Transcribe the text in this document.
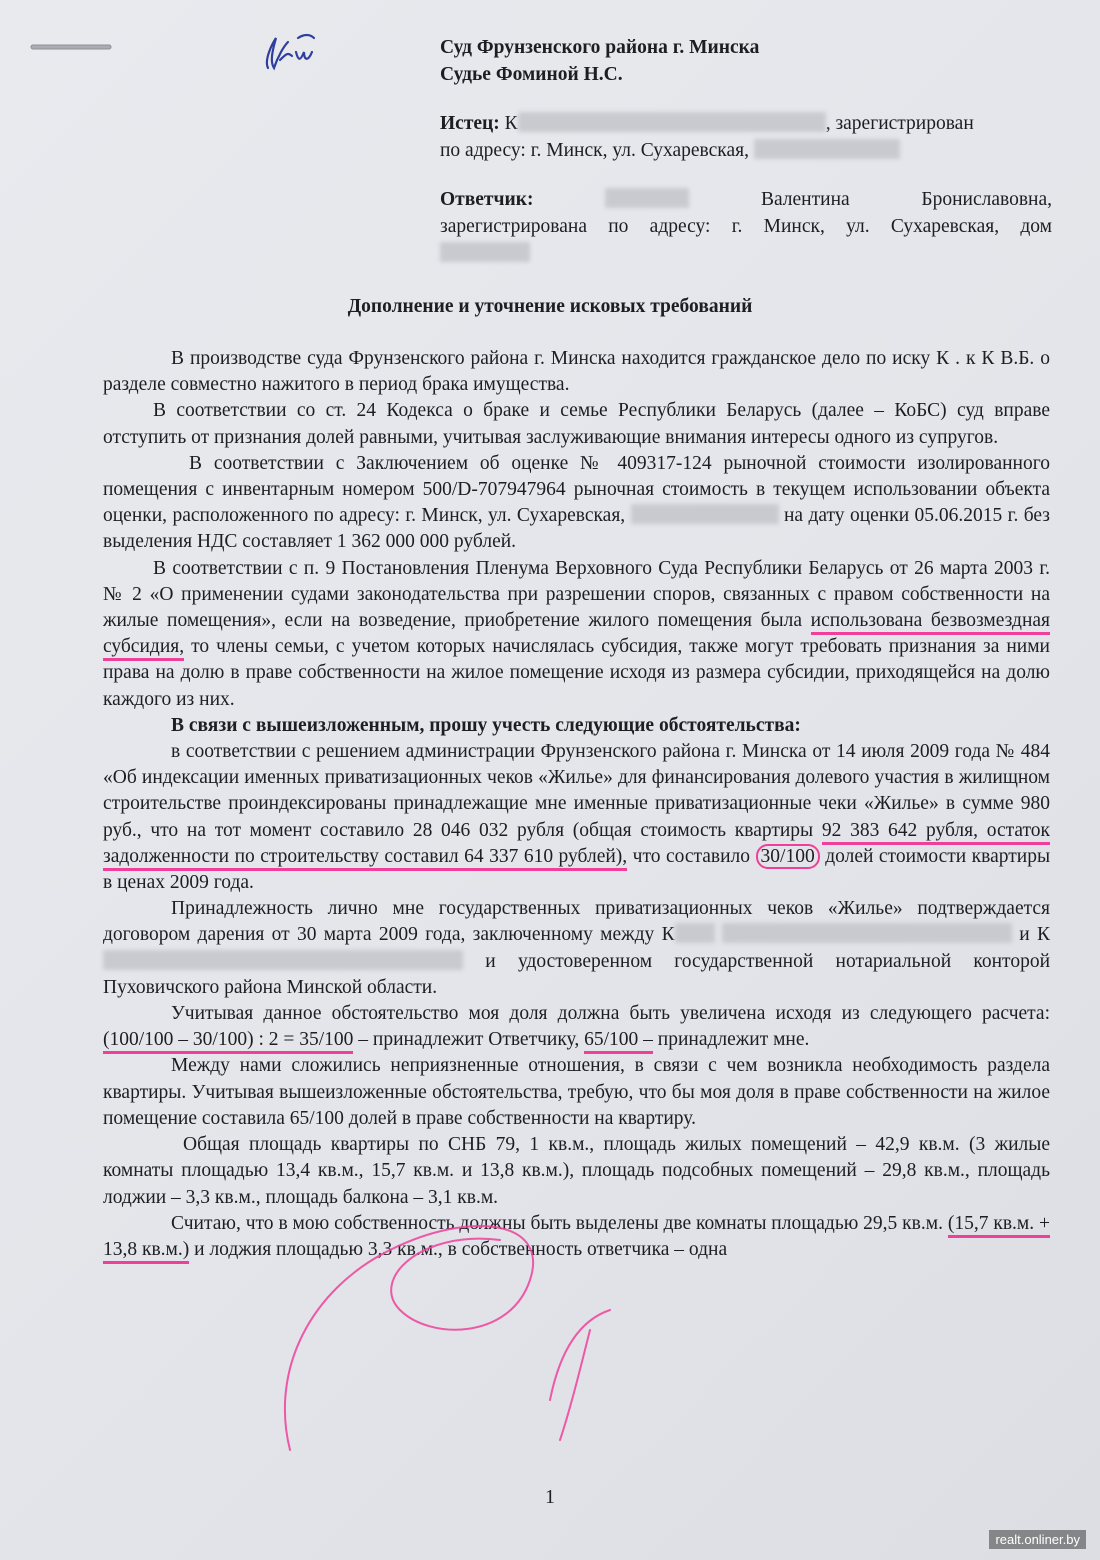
Суд Фрунзенского района г. Минска
Судье Фоминой Н.С.
Истец: К	, зарегистрирован
по адресу: г. Минск, ул. Сухаревская,
Ответчик:	Валентина Бронислaвовна,
зарегистрирована по адресу: г. Минск, ул. Сухаревская, дом
Дополнение и уточнение исковых требований

В производстве суда Фрунзенского района г. Минска находится гражданское дело по иску К . к К В.Б. о разделе совместно нажитого в период брака имущества.

В соответствии со ст. 24 Кодекса о браке и семье Республики Беларусь (далее – КоБС) суд вправе отступить от признания долей равными, учитывая заслуживающие внимания интересы одного из супругов.

В соответствии с Заключением об оценке № 409317-124 рыночной стоимости изолированного помещения с инвентарным номером 500/D-707947964 рыночная стоимость в текущем использовании объекта оценки, расположенного по адресу: г. Минск, ул. Сухаревская,	на дату оценки 05.06.2015 г. без выделения НДС составляет 1 362 000 000 рублей.

В соответствии с п. 9 Постановления Пленума Верховного Суда Республики Беларусь от 26 марта 2003 г. № 2 «О применении судами законодательства при разрешении споров, связанных с правом собственности на жилые помещения», если на возведение, приобретение жилого помещения была использована безвозмездная субсидия, то члены семьи, с учетом которых начислялась субсидия, также могут требовать признания за ними права на долю в праве собственности на жилое помещение исходя из размера субсидии, приходящейся на долю каждого из них.

В связи с вышеизложенным, прошу учесть следующие обстоятельства:

в соответствии с решением администрации Фрунзенского района г. Минска от 14 июля 2009 года № 484 «Об индексации именных приватизационных чеков «Жилье» для финансирования долевого участия в жилищном строительстве проиндексированы принадлежащие мне именные приватизационные чеки «Жилье» в сумме 980 руб., что на тот момент составило 28 046 032 рубля (общая стоимость квартиры 92 383 642 рубля, остаток задолженности по строительству составил 64 337 610 рублей), что составило 30/100 долей стоимости квартиры в ценах 2009 года.

Принадлежность лично мне государственных приватизационных чеков «Жилье» подтверждается договором дарения от 30 марта 2009 года, заключенному между К	и К и удостоверенном государственной нотариальной конторой Пуховичского района Минской области.

Учитывая данное обстоятельство моя доля должна быть увеличена исходя из следующего расчета: (100/100 – 30/100) : 2 = 35/100 – принадлежит Ответчику, 65/100 – принадлежит мне.

Между нами сложились неприязненные отношения, в связи с чем возникла необходимость раздела квартиры. Учитывая вышеизложенные обстоятельства, требую, что бы моя доля в праве собственности на жилое помещение составила 65/100 долей в праве собственности на квартиру.

Общая площадь квартиры по СНБ 79, 1 кв.м., площадь жилых помещений – 42,9 кв.м. (3 жилые комнаты площадью 13,4 кв.м., 15,7 кв.м. и 13,8 кв.м.), площадь подсобных помещений – 29,8 кв.м., площадь лоджии – 3,3 кв.м., площадь балкона – 3,1 кв.м.

Считаю, что в мою собственность должны быть выделены две комнаты площадью 29,5 кв.м. (15,7 кв.м. + 13,8 кв.м.) и лоджия площадью 3,3 кв.м., в собственность ответчика – одна

1
realt.onliner.by
